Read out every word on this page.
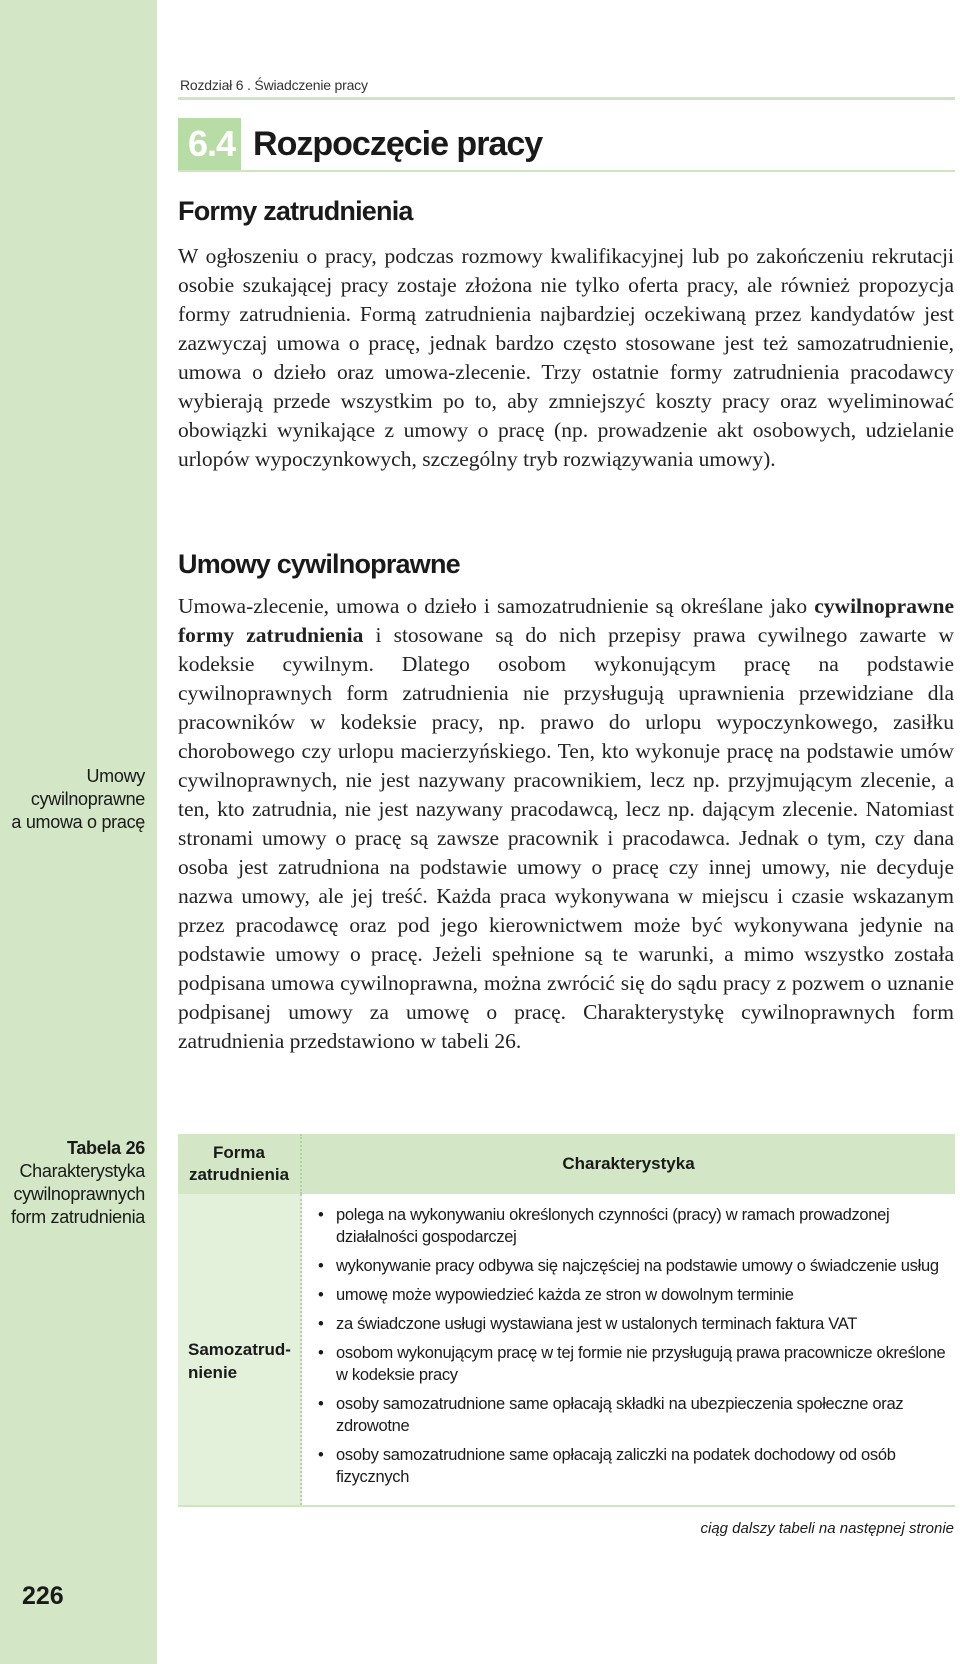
Umowy
cywilnoprawne
a umowa o pracę
Tabela 26
Charakterystyka
cywilnoprawnych
form zatrudnienia
226
Rozdział 6 . Świadczenie pracy
6.4 Rozpoczęcie pracy
Formy zatrudnienia

W ogłoszeniu o pracy, podczas rozmowy kwalifikacyjnej lub po zakończeniu rekrutacji osobie szukającej pracy zostaje złożona nie tylko oferta pracy, ale również propozycja formy zatrudnienia. Formą zatrudnienia najbardziej oczekiwaną przez kandydatów jest zazwyczaj umowa o pracę, jednak bardzo często stosowane jest też samozatrudnienie, umowa o dzieło oraz umowa-zlecenie. Trzy ostatnie formy zatrudnienia pracodawcy wybierają przede wszystkim po to, aby zmniejszyć koszty pracy oraz wyeliminować obowiązki wynikające z umowy o pracę (np. prowadzenie akt osobowych, udzielanie urlopów wypoczynkowych, szczególny tryb rozwiązywania umowy).

Umowy cywilnoprawne

Umowa-zlecenie, umowa o dzieło i samozatrudnienie są określane jako cywilnoprawne formy zatrudnienia i stosowane są do nich przepisy prawa cywilnego zawarte w kodeksie cywilnym. Dlatego osobom wykonującym pracę na podstawie cywilnoprawnych form zatrudnienia nie przysługują uprawnienia przewidziane dla pracowników w kodeksie pracy, np. prawo do urlopu wypoczynkowego, zasiłku chorobowego czy urlopu macierzyńskiego. Ten, kto wykonuje pracę na podstawie umów cywilnoprawnych, nie jest nazywany pracownikiem, lecz np. przyjmującym zlecenie, a ten, kto zatrudnia, nie jest nazywany pracodawcą, lecz np. dającym zlecenie. Natomiast stronami umowy o pracę są zawsze pracownik i pracodawca. Jednak o tym, czy dana osoba jest zatrudniona na podstawie umowy o pracę czy innej umowy, nie decyduje nazwa umowy, ale jej treść. Każda praca wykonywana w miejscu i czasie wskazanym przez pracodawcę oraz pod jego kierownictwem może być wykonywana jedynie na podstawie umowy o pracę. Jeżeli spełnione są te warunki, a mimo wszystko została podpisana umowa cywilnoprawna, można zwrócić się do sądu pracy z pozwem o uznanie podpisanej umowy za umowę o pracę. Charakterystykę cywilnoprawnych form zatrudnienia przedstawiono w tabeli 26.

Forma zatrudnienia
Charakterystyka
Samozatrudnienie
• polega na wykonywaniu określonych czynności (pracy) w ramach prowadzonej działalności gospodarczej
• wykonywanie pracy odbywa się najczęściej na podstawie umowy o świadczenie usług
• umowę może wypowiedzieć każda ze stron w dowolnym terminie
• za świadczone usługi wystawiana jest w ustalonych terminach faktura VAT
• osobom wykonującym pracę w tej formie nie przysługują prawa pracownicze określone w kodeksie pracy
• osoby samozatrudnione same opłacają składki na ubezpieczenia społeczne oraz zdrowotne
• osoby samozatrudnione same opłacają zaliczki na podatek dochodowy od osób fizycznych
ciąg dalszy tabeli na następnej stronie
